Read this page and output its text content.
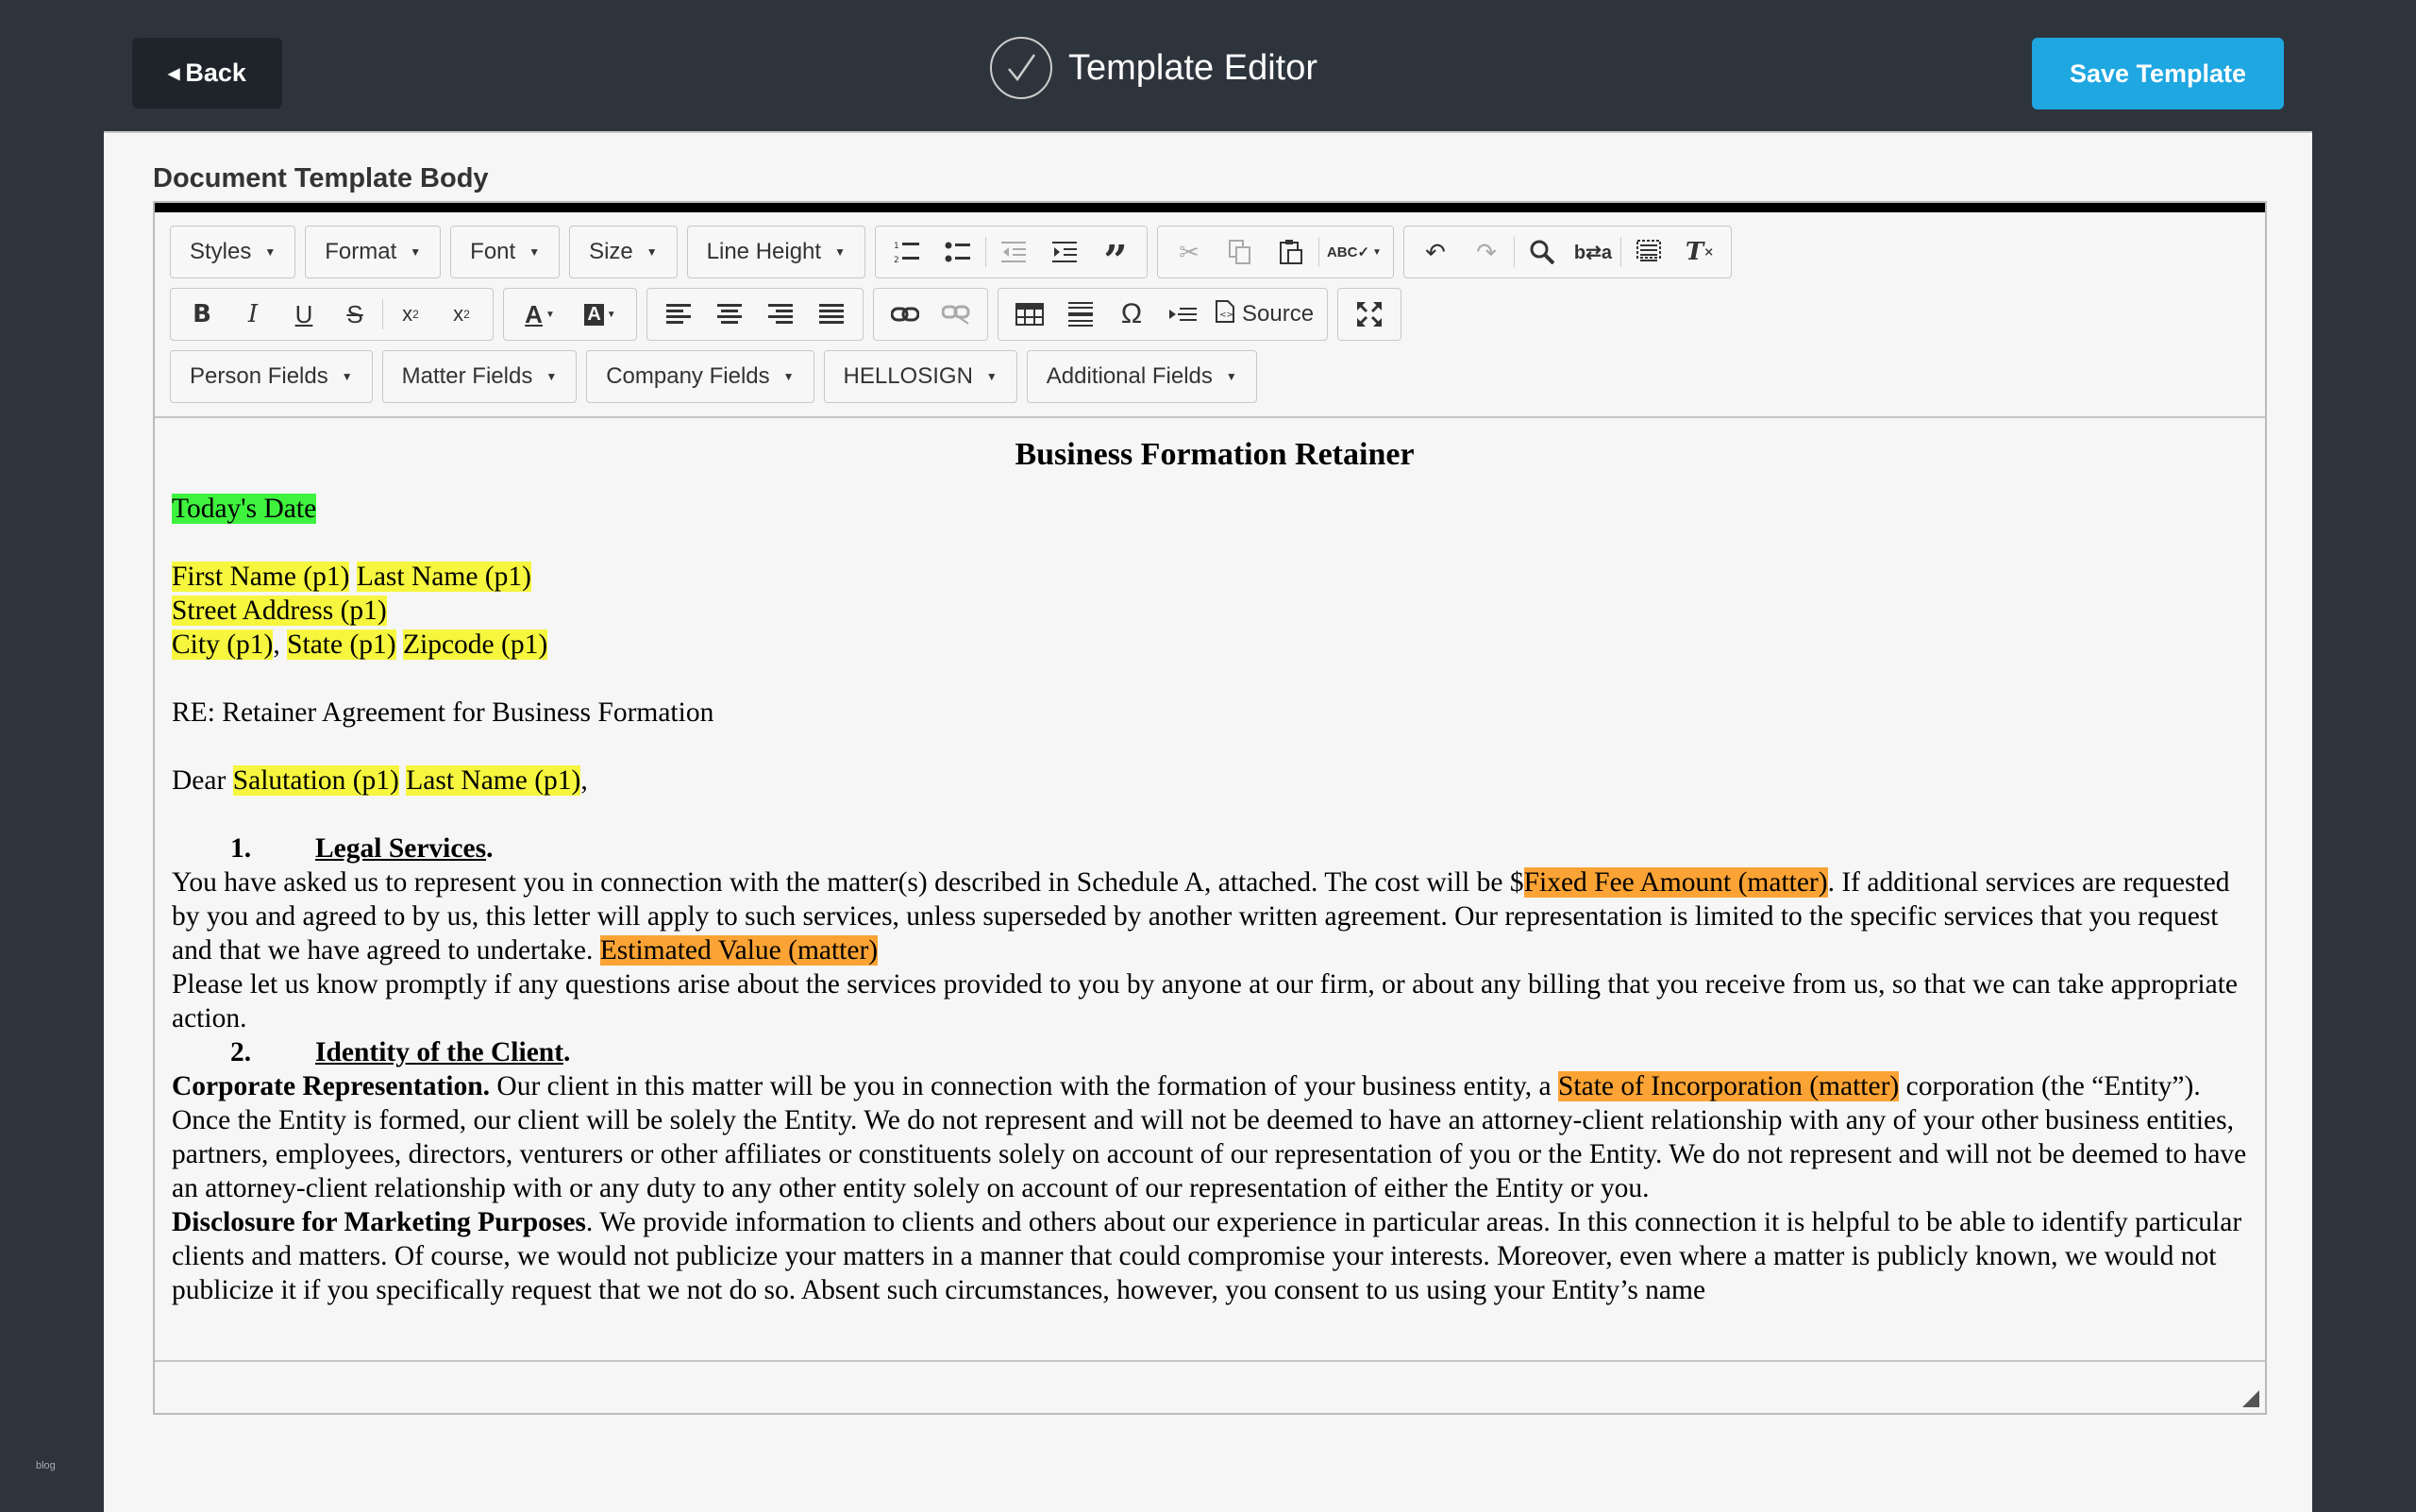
◀ Back	Template Editor	Save Template
blog
Document Template Body
Styles ▼ Format ▼ Font ▼ Size ▼ Line Height ▼	1
2	”	✂	ABC✓ ▼	↶	↷	b⇄a	T ×
B	I	U	S	x 2	x 2 A ▼ A ▼	Ω	<> Source
Person Fields ▼ Matter Fields ▼ Company Fields ▼ HELLOSIGN ▼ Additional Fields ▼

Business Formation Retainer

Today's Date

First Name (p1) Last Name (p1)

Street Address (p1)

City (p1), State (p1) Zipcode (p1)

RE: Retainer Agreement for Business Formation

Dear Salutation (p1) Last Name (p1),

1. Legal Services.

You have asked us to represent you in connection with the matter(s) described in Schedule A, attached. The cost will be $Fixed Fee Amount (matter). If additional services are requested by you and agreed to by us, this letter will apply to such services, unless superseded by another written agreement. Our representation is limited to the specific services that you request and that we have agreed to undertake. Estimated Value (matter)

Please let us know promptly if any questions arise about the services provided to you by anyone at our firm, or about any billing that you receive from us, so that we can take appropriate action.

2. Identity of the Client.

Corporate Representation. Our client in this matter will be you in connection with the formation of your business entity, a State of Incorporation (matter) corporation (the “Entity”). Once the Entity is formed, our client will be solely the Entity. We do not represent and will not be deemed to have an attorney-client relationship with any of your other business entities, partners, employees, directors, venturers or other affiliates or constituents solely on account of our representation of you or the Entity. We do not represent and will not be deemed to have an attorney-client relationship with or any duty to any other entity solely on account of our representation of either the Entity or you.

Disclosure for Marketing Purposes. We provide information to clients and others about our experience in particular areas. In this connection it is helpful to be able to identify particular clients and matters. Of course, we would not publicize your matters in a manner that could compromise your interests. Moreover, even where a matter is publicly known, we would not publicize it if you specifically request that we not do so. Absent such circumstances, however, you consent to us using your Entity’s name
